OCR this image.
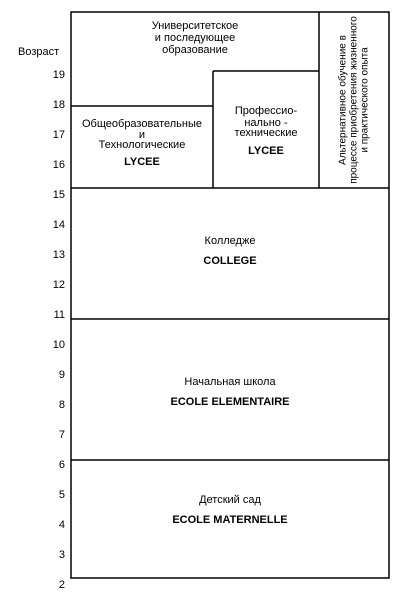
Возраст
19
18
17
16
15
14
13
12
11
10
9
8
7
6
5
4
3
2
Университетское
и последующее
образование	Альтернативное обучение в процессе приобретения жизненного и практического опыта
Общеобразовательные
и
Технологические
LYCEE
Профессио-
нально -
технические
LYCEE
Колледже
COLLEGE
Начальная школа
ECOLE ELEMENTAIRE
Детский сад
ECOLE MATERNELLE
